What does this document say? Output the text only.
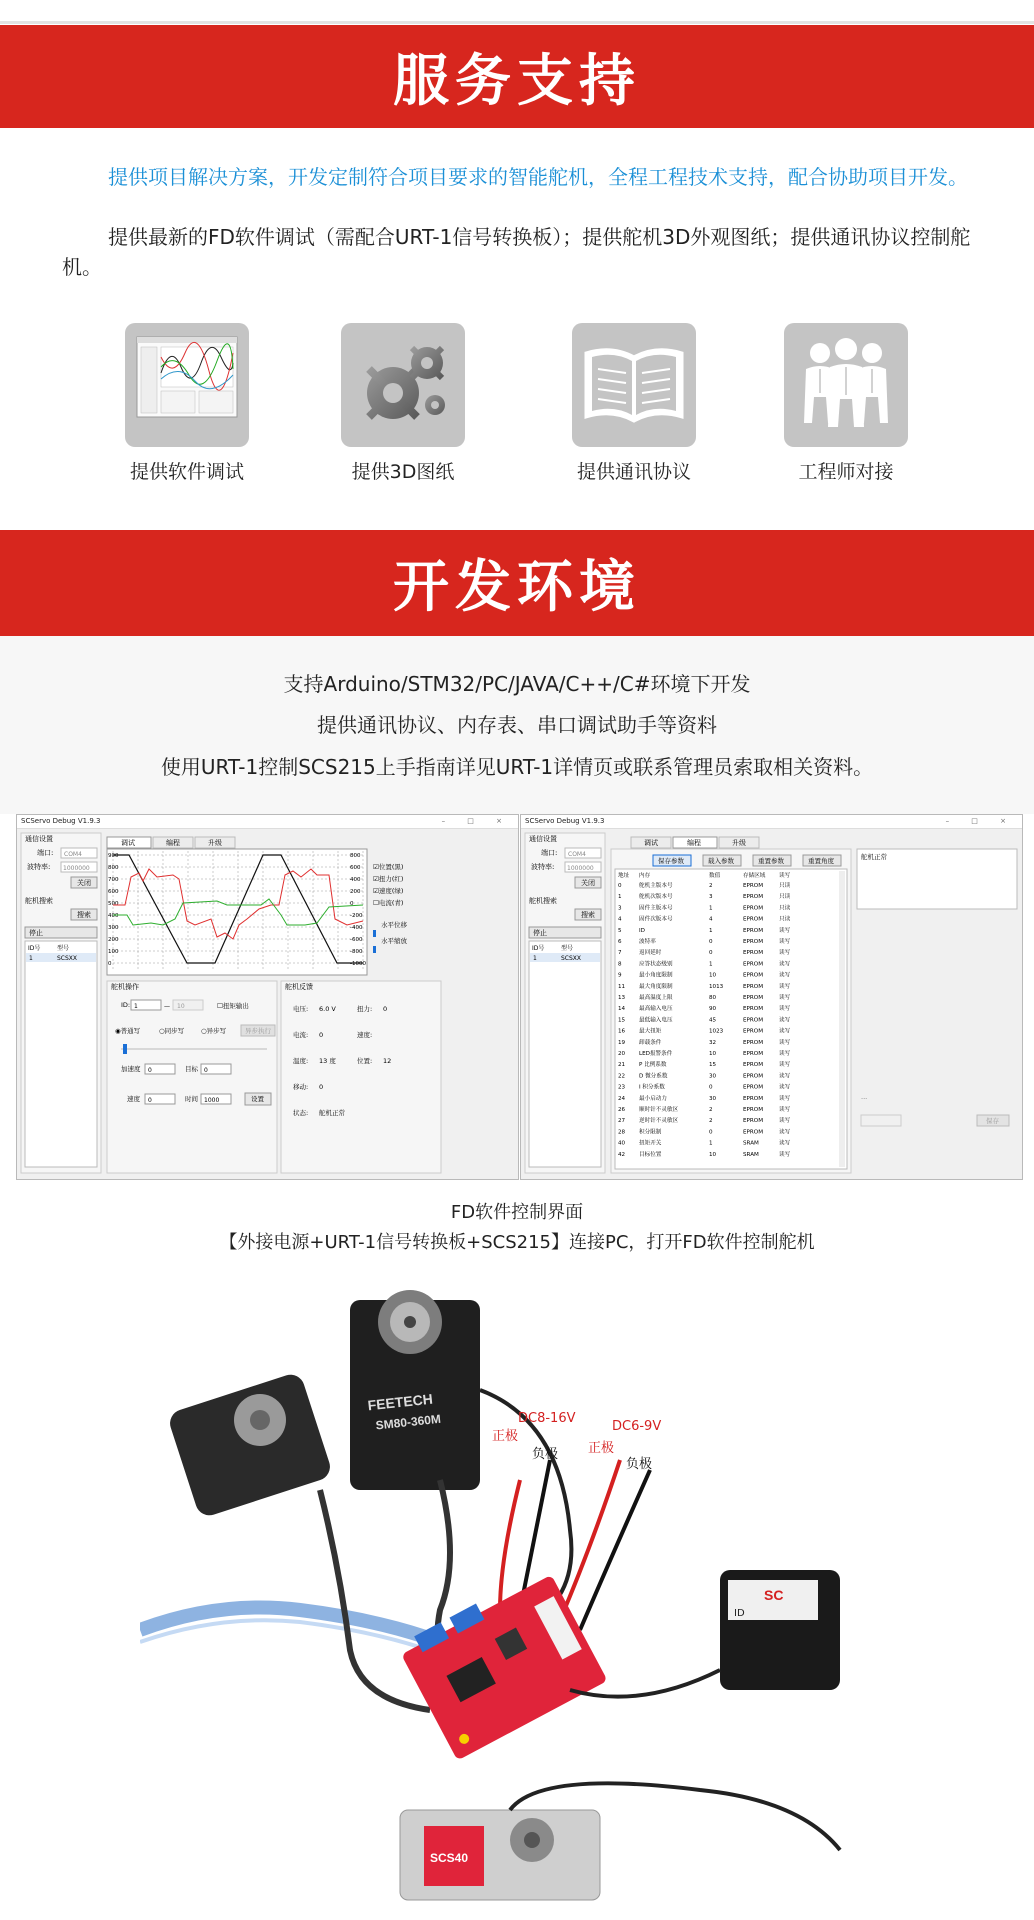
服务支持

提供项目解决方案，开发定制符合项目要求的智能舵机，全程工程技术支持，配合协助项目开发。

提供最新的FD软件调试（需配合URT-1信号转换板）；提供舵机3D外观图纸；提供通讯协议控制舵机。

提供软件调试	提供3D图纸	提供通讯协议	工程师对接
开发环境
支持Arduino/STM32/PC/JAVA/C++/C#环境下开发
提供通讯协议、内存表、串口调试助手等资料
使用URT-1控制SCS215上手指南详见URT-1详情页或联系管理员索取相关资料。
SCServo Debug V1.9.3	– □ ×
通信设置
端口: COM4
波特率: 1000000
关闭
舵机搜索
搜索
停止
ID号	型号
1	SCSXX
调试	编程	升级
900
800
700
600
500
400
300
200
100
0
800
600
400
200
0
-200
-400
-600
-800
-1000
☑位置(黑)
☑扭力(红)
☑速度(绿)
☐电流(青)
水平位移
水平缩放
舵机操作
ID: 1	— 10	☐扭矩输出
◉普通写	○同步写	○异步写	异步执行
加速度 0	目标 0
速度 0	时间 1000	设置
舵机反馈
电压: 6.0 V	扭力: 0
电流: 0	速度:
温度: 13 度	位置: 12
移动: 0
状态: 舵机正常
SCServo Debug V1.9.3	– □ ×
通信设置
端口: COM4
波特率: 1000000
关闭
舵机搜索
搜索
停止
ID号	型号
1	SCSXX
调试	编程	升级
保存参数	载入参数	重置参数	重置角度
地址 内存	数值	存储区域 读写
0	舵机主版本号	2	EPROM	只读
1	舵机次版本号	3	EPROM	只读
3	固件主版本号	1	EPROM	只读
4	固件次版本号	4	EPROM	只读
5	ID	1	EPROM	读写
6	波特率	0	EPROM	读写
7	返回延时	0	EPROM	读写
8	应答状态级别	1	EPROM	读写
9	最小角度限制	10	EPROM	读写
11 最大角度限制	1013	EPROM	读写
13 最高温度上限	80	EPROM	读写
14 最高输入电压	90	EPROM	读写
15 最低输入电压	45	EPROM	读写
16 最大扭矩	1023	EPROM	读写
19 卸载条件	32	EPROM	读写
20 LED报警条件	10	EPROM	读写
21 P 比例系数	15	EPROM	读写
22 D 微分系数	30	EPROM	读写
23 I 积分系数	0	EPROM	读写
24 最小启动力	30	EPROM	读写
26 顺时针不灵敏区	2	EPROM	读写
27 逆时针不灵敏区	2	EPROM	读写
28 积分限制	0	EPROM	读写
40 扭矩开关	1	SRAM	读写
42 目标位置	10	SRAM	读写
舵机正常
...
保存
FD软件控制界面
【外接电源+URT-1信号转换板+SCS215】连接PC，打开FD软件控制舵机
FEETECH
SM80-360M	DC8-16V
正极
负极
DC6-9V
正极
负极
SC
ID
SCS40
